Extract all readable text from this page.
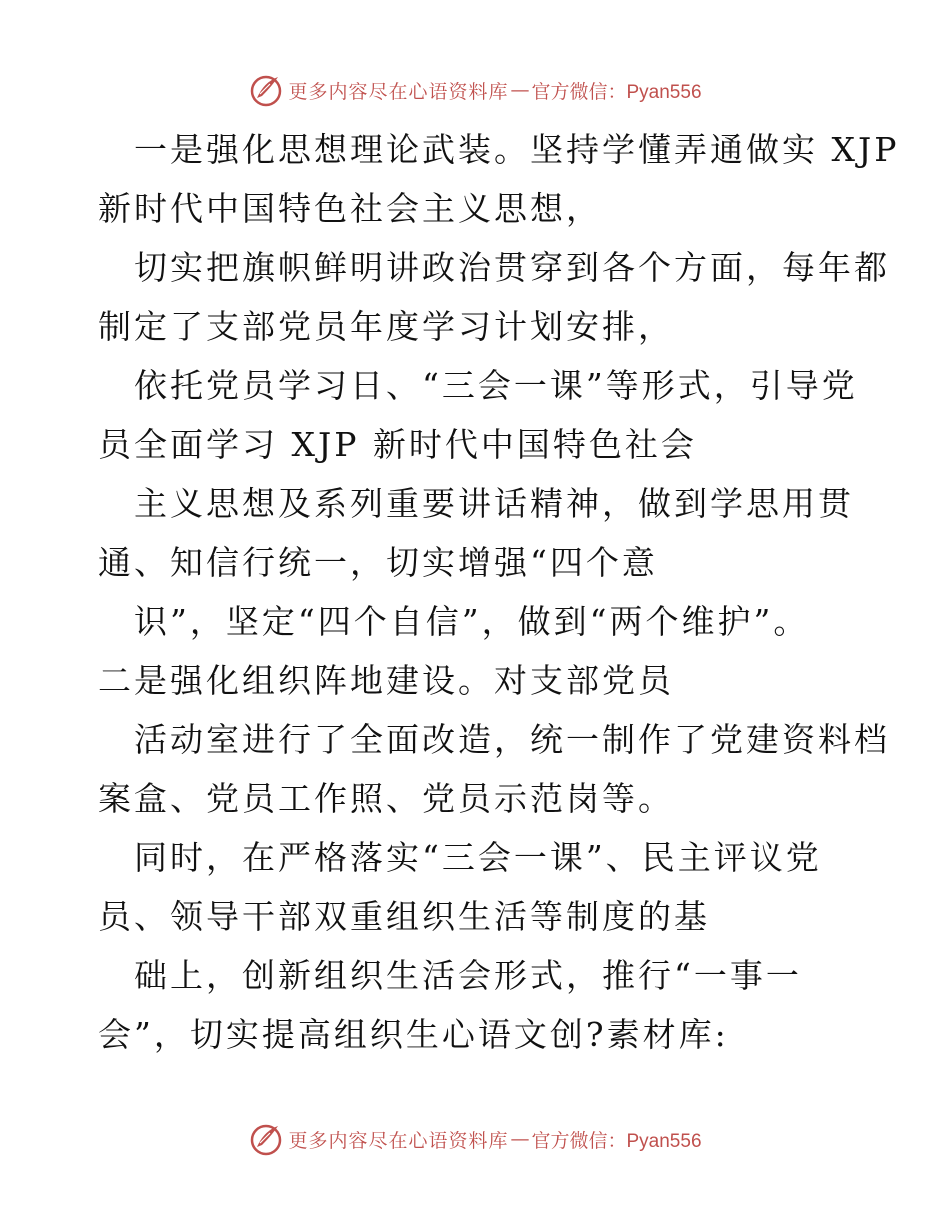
更多内容尽在心语资料库 — 官方微信：Pyan556
一是强化思想理论武装。坚持学懂弄通做实 XJP
新时代中国特色社会主义思想，
切实把旗帜鲜明讲政治贯穿到各个方面，每年都
制定了支部党员年度学习计划安排，
依托党员学习日、“三会一课”等形式，引导党
员全面学习 XJP 新时代中国特色社会
主义思想及系列重要讲话精神，做到学思用贯
通、知信行统一，切实增强“四个意
识”，坚定“四个自信”，做到“两个维护”。
二是强化组织阵地建设。对支部党员
活动室进行了全面改造，统一制作了党建资料档
案盒、党员工作照、党员示范岗等。
同时，在严格落实“三会一课”、民主评议党
员、领导干部双重组织生活等制度的基
础上，创新组织生活会形式，推行“一事一
会”，切实提高组织生心语文创?素材库:
更多内容尽在心语资料库 — 官方微信：Pyan556
